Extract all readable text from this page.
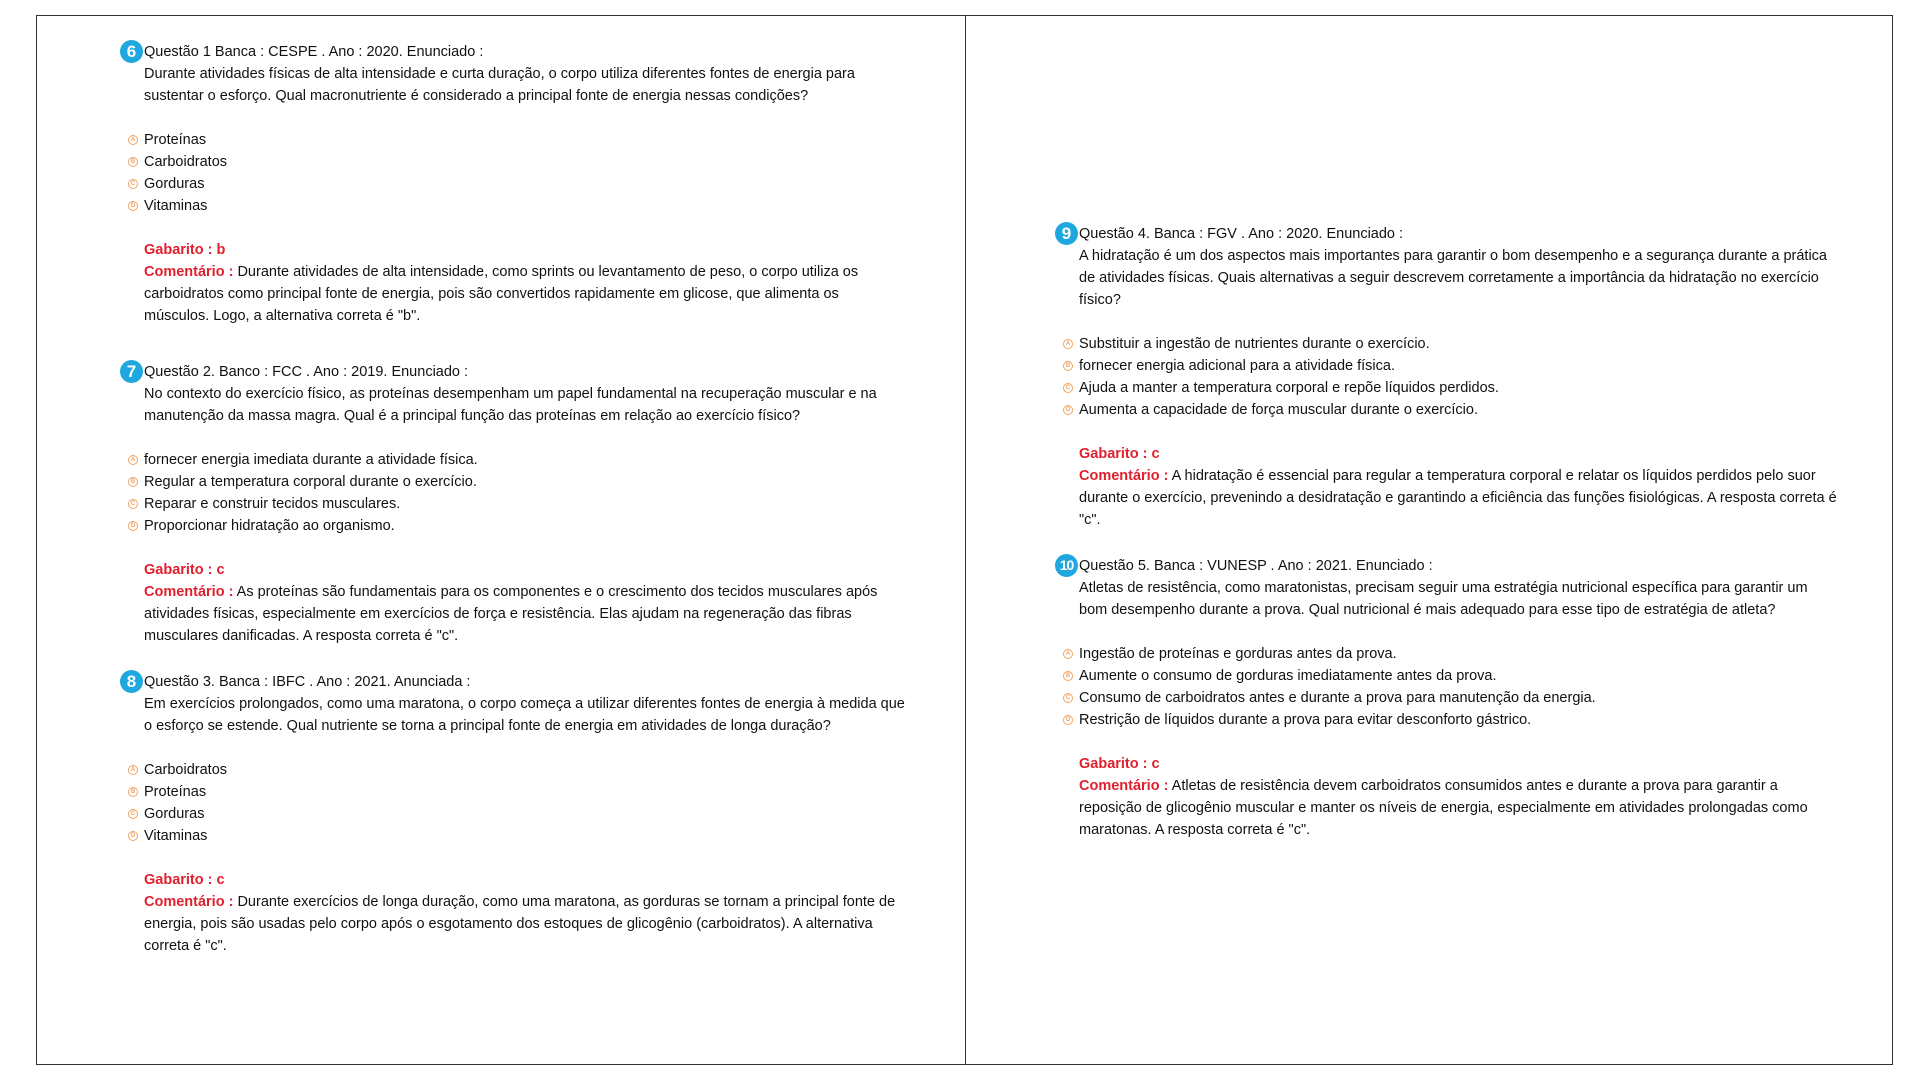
6 Questão 1 Banca : CESPE . Ano : 2020. Enunciado :

Durante atividades físicas de alta intensidade e curta duração, o corpo utiliza diferentes fontes de energia para sustentar o esforço. Qual macronutriente é considerado a principal fonte de energia nessas condições?

A Proteínas
B Carboidratos
C Gorduras
D Vitaminas
Gabarito : b
Comentário : Durante atividades de alta intensidade, como sprints ou levantamento de peso, o corpo utiliza os carboidratos como principal fonte de energia, pois são convertidos rapidamente em glicose, que alimenta os músculos. Logo, a alternativa correta é "b".
7 Questão 2. Banco : FCC . Ano : 2019. Enunciado :

No contexto do exercício físico, as proteínas desempenham um papel fundamental na recuperação muscular e na manutenção da massa magra. Qual é a principal função das proteínas em relação ao exercício físico?

A fornecer energia imediata durante a atividade física.
B Regular a temperatura corporal durante o exercício.
C Reparar e construir tecidos musculares.
D Proporcionar hidratação ao organismo.
Gabarito : c
Comentário : As proteínas são fundamentais para os componentes e o crescimento dos tecidos musculares após atividades físicas, especialmente em exercícios de força e resistência. Elas ajudam na regeneração das fibras musculares danificadas. A resposta correta é "c".
8 Questão 3. Banca : IBFC . Ano : 2021. Anunciada :

Em exercícios prolongados, como uma maratona, o corpo começa a utilizar diferentes fontes de energia à medida que o esforço se estende. Qual nutriente se torna a principal fonte de energia em atividades de longa duração?

A Carboidratos
B Proteínas
C Gorduras
D Vitaminas
Gabarito : c
Comentário : Durante exercícios de longa duração, como uma maratona, as gorduras se tornam a principal fonte de energia, pois são usadas pelo corpo após o esgotamento dos estoques de glicogênio (carboidratos). A alternativa correta é "c".
9 Questão 4. Banca : FGV . Ano : 2020. Enunciado :

A hidratação é um dos aspectos mais importantes para garantir o bom desempenho e a segurança durante a prática de atividades físicas. Quais alternativas a seguir descrevem corretamente a importância da hidratação no exercício físico?

A Substituir a ingestão de nutrientes durante o exercício.
B fornecer energia adicional para a atividade física.
C Ajuda a manter a temperatura corporal e repõe líquidos perdidos.
D Aumenta a capacidade de força muscular durante o exercício.
Gabarito : c
Comentário : A hidratação é essencial para regular a temperatura corporal e relatar os líquidos perdidos pelo suor durante o exercício, prevenindo a desidratação e garantindo a eficiência das funções fisiológicas. A resposta correta é "c".
10 Questão 5. Banca : VUNESP . Ano : 2021. Enunciado :

Atletas de resistência, como maratonistas, precisam seguir uma estratégia nutricional específica para garantir um bom desempenho durante a prova. Qual nutricional é mais adequado para esse tipo de estratégia de atleta?

A Ingestão de proteínas e gorduras antes da prova.
B Aumente o consumo de gorduras imediatamente antes da prova.
C Consumo de carboidratos antes e durante a prova para manutenção da energia.
D Restrição de líquidos durante a prova para evitar desconforto gástrico.
Gabarito : c
Comentário : Atletas de resistência devem carboidratos consumidos antes e durante a prova para garantir a reposição de glicogênio muscular e manter os níveis de energia, especialmente em atividades prolongadas como maratonas. A resposta correta é "c".
